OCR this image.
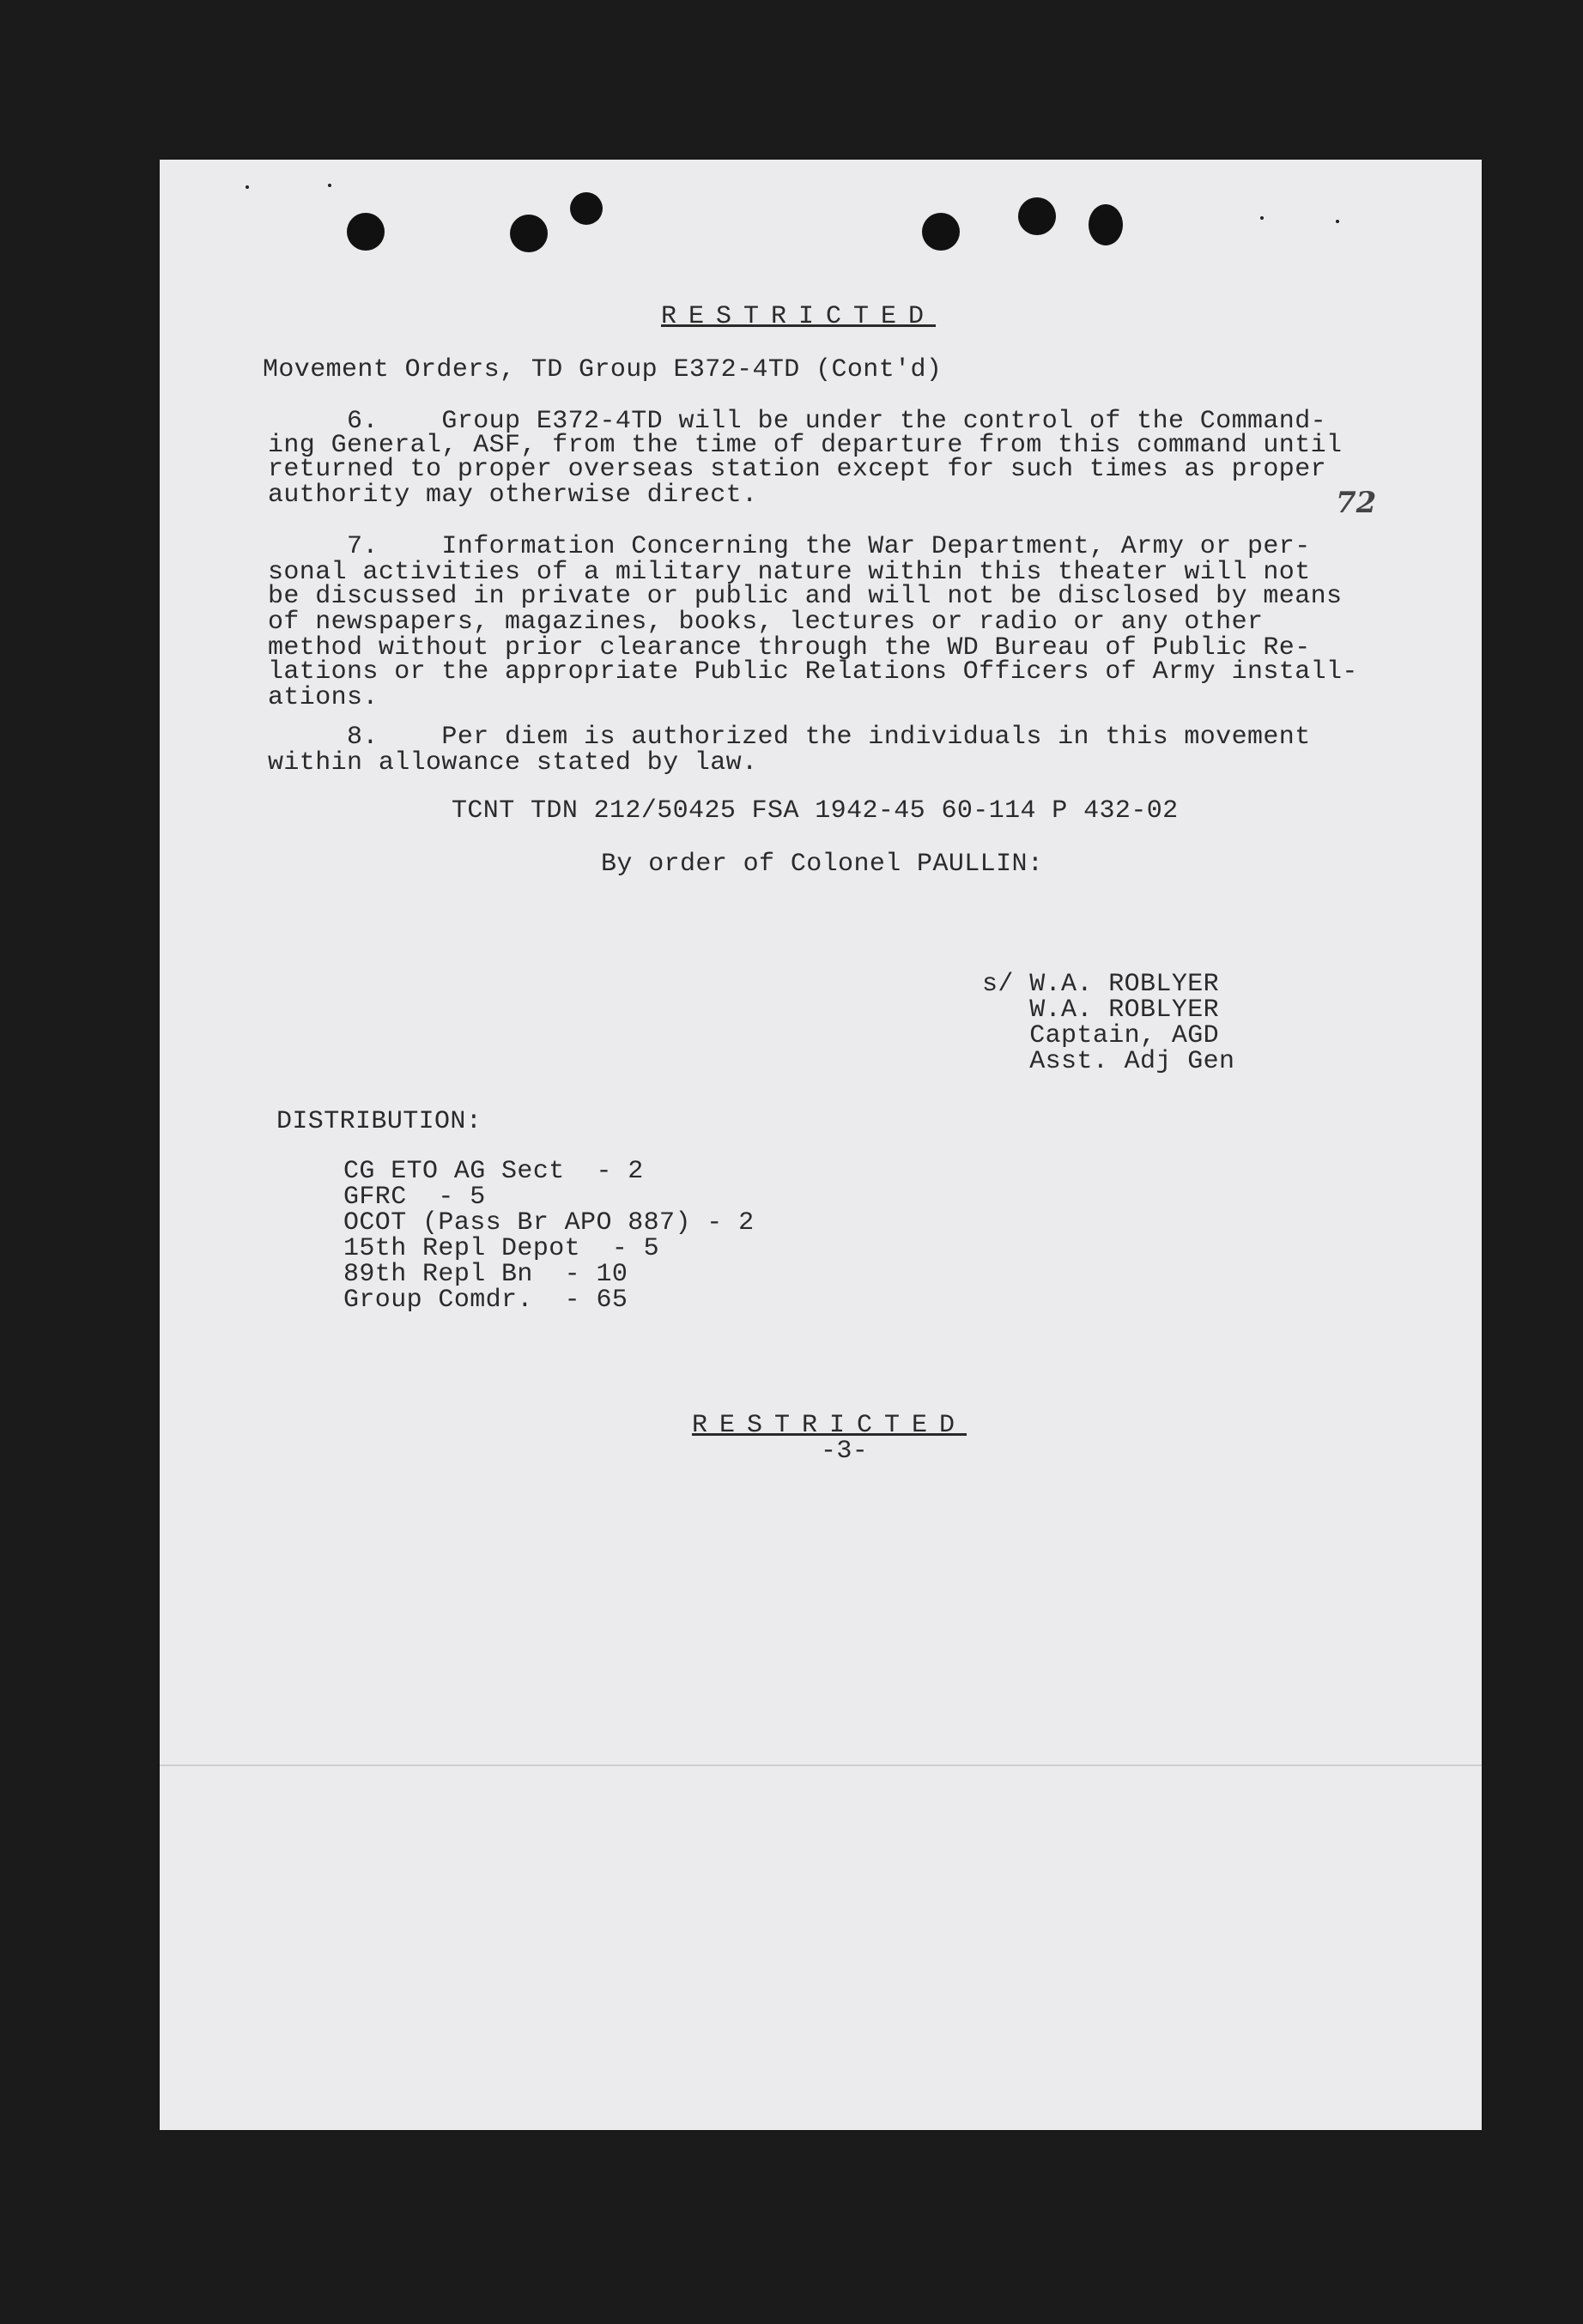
72
RESTRICTED
Movement Orders, TD Group E372-4TD (Cont'd)
6.    Group E372-4TD will be under the control of the Command-
ing General, ASF, from the time of departure from this command until
returned to proper overseas station except for such times as proper
authority may otherwise direct.
7.    Information Concerning the War Department, Army or per-
sonal activities of a military nature within this theater will not
be discussed in private or public and will not be disclosed by means
of newspapers, magazines, books, lectures or radio or any other
method without prior clearance through the WD Bureau of Public Re-
lations or the appropriate Public Relations Officers of Army install-
ations.
8.    Per diem is authorized the individuals in this movement
within allowance stated by law.
TCNT TDN 212/50425 FSA 1942-45 60-114 P 432-02
By order of Colonel PAULLIN:
s/ W.A. ROBLYER
W.A. ROBLYER
Captain, AGD
Asst. Adj Gen
DISTRIBUTION:
CG ETO AG Sect  - 2
GFRC  - 5
OCOT (Pass Br APO 887) - 2
15th Repl Depot  - 5
89th Repl Bn  - 10
Group Comdr.  - 65
RESTRICTED
-3-
